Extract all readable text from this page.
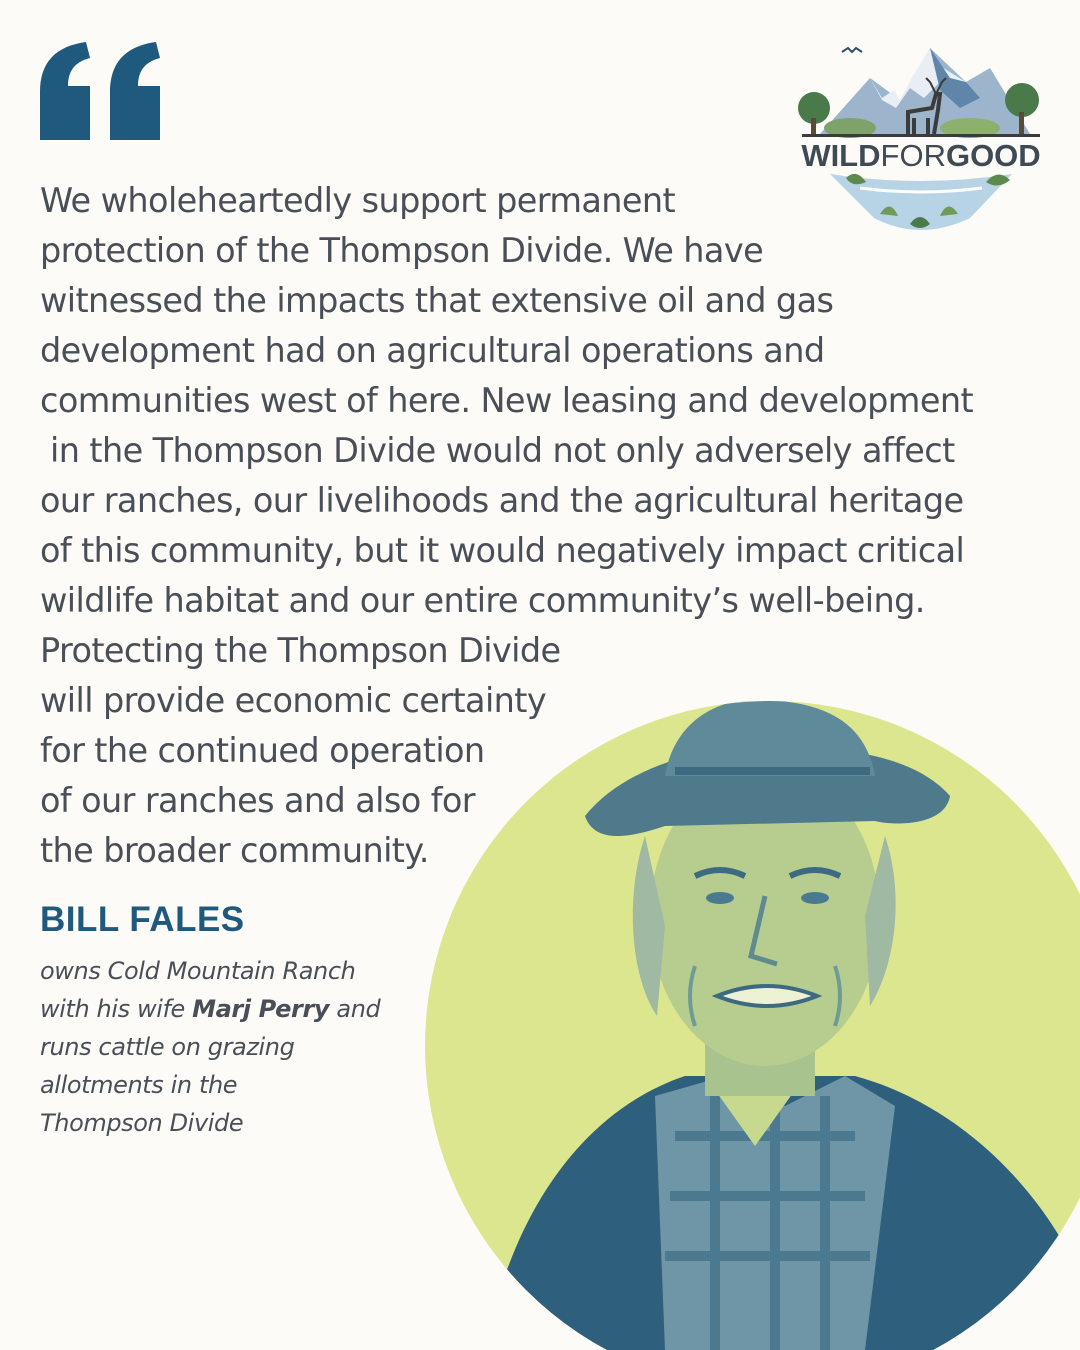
WILDFORGOOD
We wholeheartedly support permanent
protection of the Thompson Divide. We have
witnessed the impacts that extensive oil and gas
development had on agricultural operations and
communities west of here. New leasing and development
in the Thompson Divide would not only adversely affect
our ranches, our livelihoods and the agricultural heritage
of this community, but it would negatively impact critical
wildlife habitat and our entire community’s well-being.
Protecting the Thompson Divide
will provide economic certainty
for the continued operation
of our ranches and also for
the broader community.
BILL FALES
owns Cold Mountain Ranch
with his wife Marj Perry and
runs cattle on grazing
allotments in the
Thompson Divide
